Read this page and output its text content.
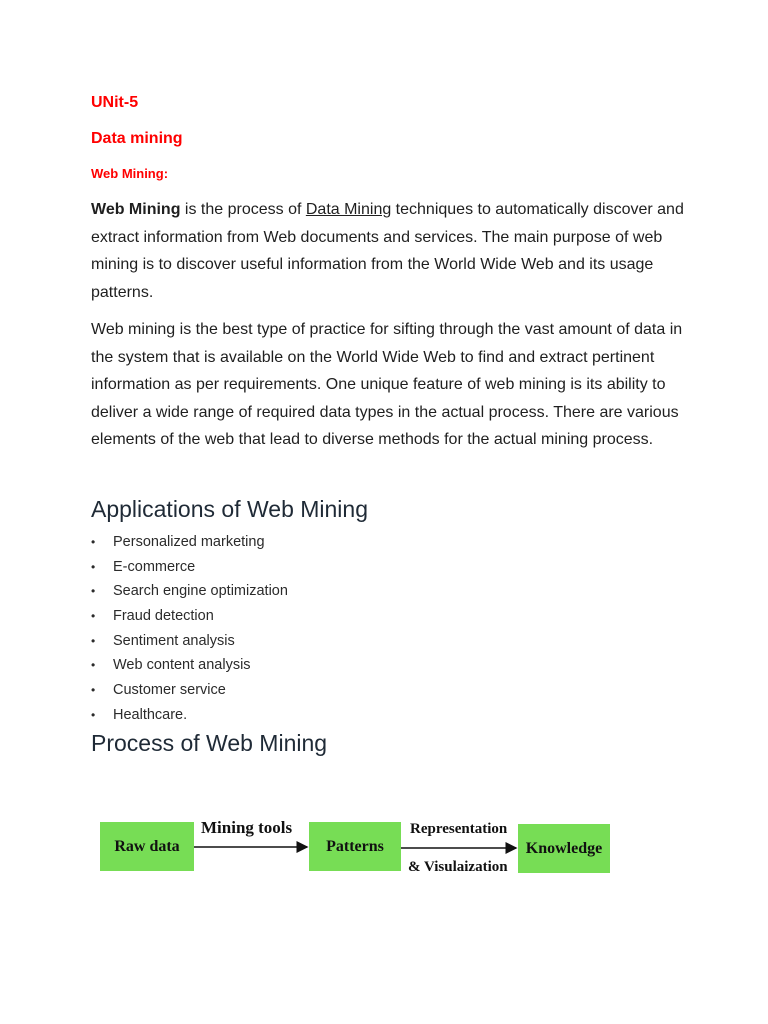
UNit-5
Data mining
Web Mining:

Web Mining is the process of Data Mining techniques to automatically discover and extract information from Web documents and services. The main purpose of web mining is to discover useful information from the World Wide Web and its usage patterns.

Web mining is the best type of practice for sifting through the vast amount of data in the system that is available on the World Wide Web to find and extract pertinent information as per requirements. One unique feature of web mining is its ability to deliver a wide range of required data types in the actual process. There are various elements of the web that lead to diverse methods for the actual mining process.

Applications of Web Mining
•	Personalized marketing
•	E-commerce
•	Search engine optimization
•	Fraud detection
•	Sentiment analysis
•	Web content analysis
•	Customer service
•	Healthcare.
Process of Web Mining
Raw data	Patterns	Knowledge
Mining tools	Representation
& Visulaization
